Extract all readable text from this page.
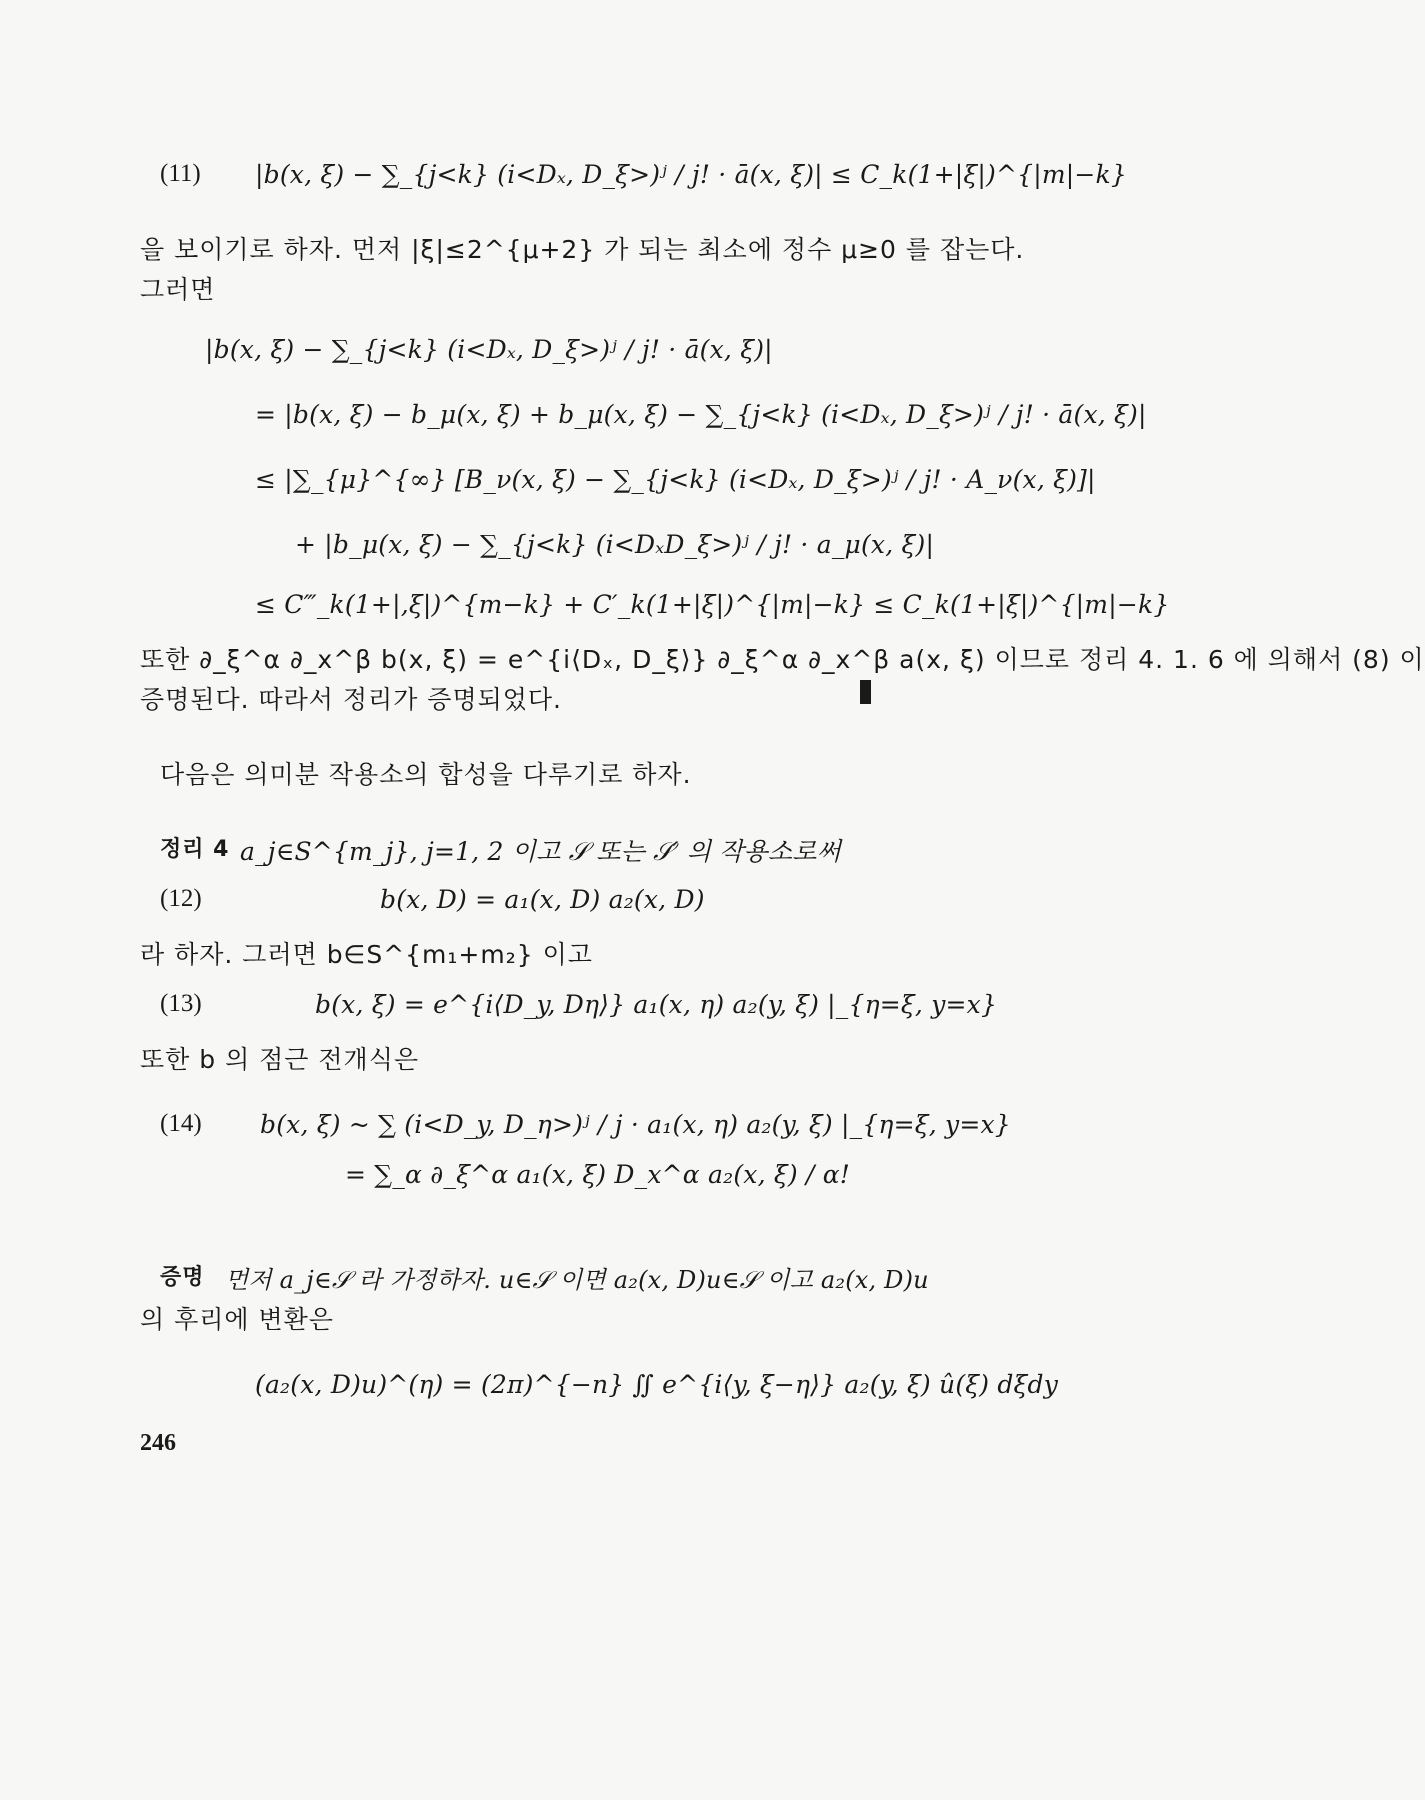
(11) |b(x, ξ) − ∑_{j<k} (i<Dₓ, D_ξ>)ʲ / j! · ā(x, ξ)| ≤ C_k(1+|ξ|)^{|m|−k}
을 보이기로 하자. 먼저 |ξ|≤2^{μ+2} 가 되는 최소에 정수 μ≥0 를 잡는다.
그러면
|b(x, ξ) − ∑_{j<k} (i<Dₓ, D_ξ>)ʲ / j! · ā(x, ξ)|
= |b(x, ξ) − b_μ(x, ξ) + b_μ(x, ξ) − ∑_{j<k} (i<Dₓ, D_ξ>)ʲ / j! · ā(x, ξ)|
≤ |∑_{μ}^{∞} [B_ν(x, ξ) − ∑_{j<k} (i<Dₓ, D_ξ>)ʲ / j! · A_ν(x, ξ)]|
+ |b_μ(x, ξ) − ∑_{j<k} (i<DₓD_ξ>)ʲ / j! · a_μ(x, ξ)|
≤ C‴_k(1+|,ξ|)^{m−k} + C′_k(1+|ξ|)^{|m|−k} ≤ C_k(1+|ξ|)^{|m|−k}
또한 ∂_ξ^α ∂_x^β b(x, ξ) = e^{i⟨Dₓ, D_ξ⟩} ∂_ξ^α ∂_x^β a(x, ξ) 이므로 정리 4. 1. 6 에 의해서 (8) 이
증명된다. 따라서 정리가 증명되었다.
다음은 의미분 작용소의 합성을 다루기로 하자.
정리 4 a_j∈S^{m_j}, j=1, 2 이고 𝒮 또는 𝒮′ 의 작용소로써
(12)	b(x, D) = a₁(x, D) a₂(x, D)
라 하자. 그러면 b∈S^{m₁+m₂} 이고
(13)	b(x, ξ) = e^{i⟨D_y, Dη⟩} a₁(x, η) a₂(y, ξ) |_{η=ξ, y=x}
또한 b 의 점근 전개식은
(14) b(x, ξ) ~ ∑ (i<D_y, D_η>)ʲ / j · a₁(x, η) a₂(y, ξ) |_{η=ξ, y=x}
= ∑_α ∂_ξ^α a₁(x, ξ) D_x^α a₂(x, ξ) / α!
증명 먼저 a_j∈𝒮 라 가정하자. u∈𝒮 이면 a₂(x, D)u∈𝒮 이고 a₂(x, D)u
의 후리에 변환은
(a₂(x, D)u)^(η) = (2π)^{−n} ∬ e^{i⟨y, ξ−η⟩} a₂(y, ξ) û(ξ) dξdy
246
